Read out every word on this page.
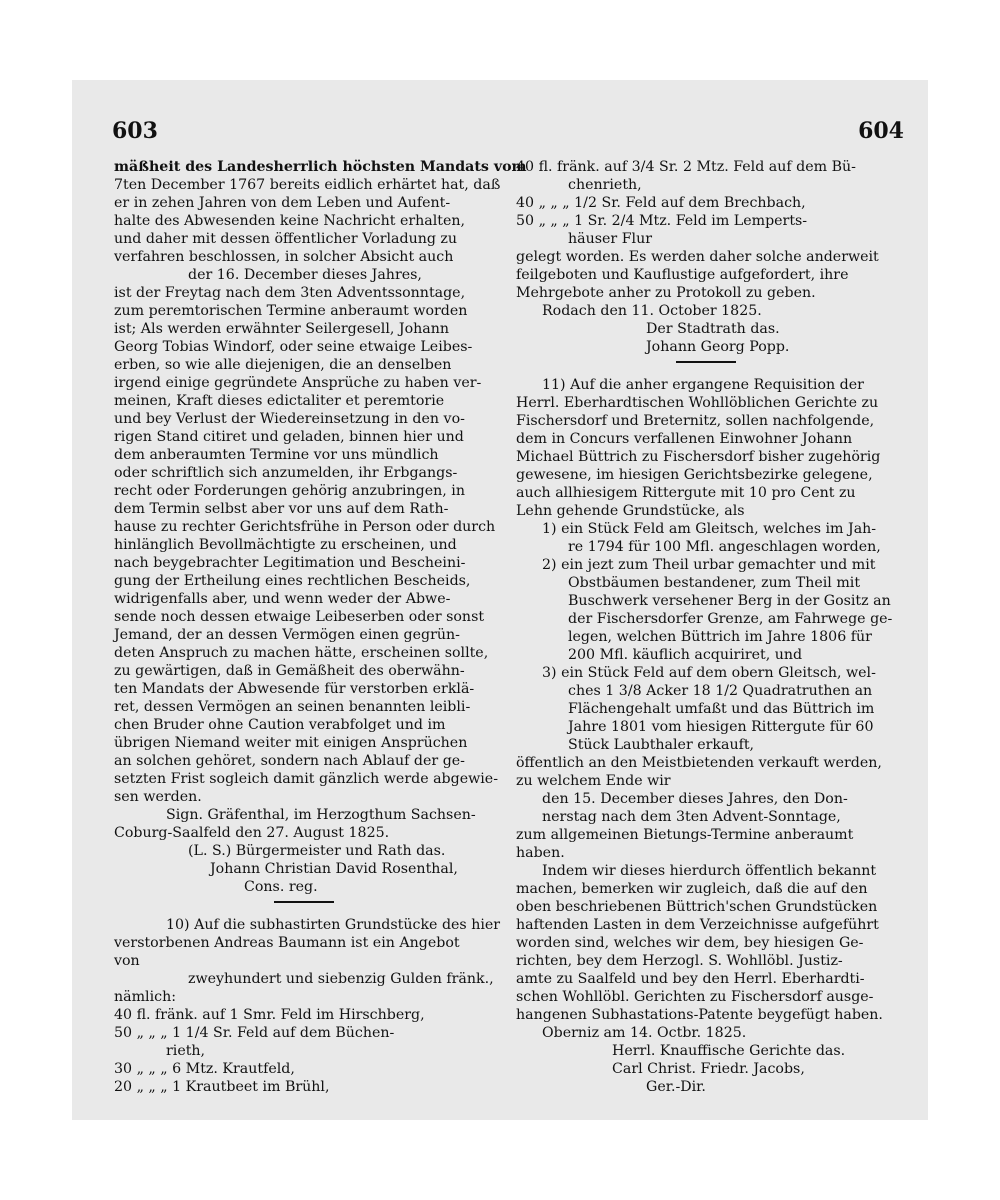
603	604
mäßheit des Landesherrlich höchsten Mandats vom
7ten December 1767 bereits eidlich erhärtet hat, daß
er in zehen Jahren von dem Leben und Aufent-
halte des Abwesenden keine Nachricht erhalten,
und daher mit dessen öffentlicher Vorladung zu
verfahren beschlossen, in solcher Absicht auch
der 16. December dieses Jahres,
ist der Freytag nach dem 3ten Adventssonntage,
zum peremtorischen Termine anberaumt worden
ist; Als werden erwähnter Seilergesell, Johann
Georg Tobias Windorf, oder seine etwaige Leibes-
erben, so wie alle diejenigen, die an denselben
irgend einige gegründete Ansprüche zu haben ver-
meinen, Kraft dieses edictaliter et peremtorie
und bey Verlust der Wiedereinsetzung in den vo-
rigen Stand citiret und geladen, binnen hier und
dem anberaumten Termine vor uns mündlich
oder schriftlich sich anzumelden, ihr Erbgangs-
recht oder Forderungen gehörig anzubringen, in
dem Termin selbst aber vor uns auf dem Rath-
hause zu rechter Gerichtsfrühe in Person oder durch
hinlänglich Bevollmächtigte zu erscheinen, und
nach beygebrachter Legitimation und Bescheini-
gung der Ertheilung eines rechtlichen Bescheids,
widrigenfalls aber, und wenn weder der Abwe-
sende noch dessen etwaige Leibeserben oder sonst
Jemand, der an dessen Vermögen einen gegrün-
deten Anspruch zu machen hätte, erscheinen sollte,
zu gewärtigen, daß in Gemäßheit des oberwähn-
ten Mandats der Abwesende für verstorben erklä-
ret, dessen Vermögen an seinen benannten leibli-
chen Bruder ohne Caution verabfolget und im
übrigen Niemand weiter mit einigen Ansprüchen
an solchen gehöret, sondern nach Ablauf der ge-
setzten Frist sogleich damit gänzlich werde abgewie-
sen werden.
Sign. Gräfenthal, im Herzogthum Sachsen-
Coburg-Saalfeld den 27. August 1825.
(L. S.) Bürgermeister und Rath das.
Johann Christian David Rosenthal,
Cons. reg.
10) Auf die subhastirten Grundstücke des hier
verstorbenen Andreas Baumann ist ein Angebot
von
zweyhundert und siebenzig Gulden fränk.,
nämlich:
40 fl. fränk. auf 1 Smr. Feld im Hirschberg,
50 „ „ „ 1 1/4 Sr. Feld auf dem Büchen-
rieth,
30 „ „ „ 6 Mtz. Krautfeld,
20 „ „ „ 1 Krautbeet im Brühl,
40 fl. fränk. auf 3/4 Sr. 2 Mtz. Feld auf dem Bü-
chenrieth,
40 „ „ „ 1/2 Sr. Feld auf dem Brechbach,
50 „ „ „ 1 Sr. 2/4 Mtz. Feld im Lemperts-
häuser Flur
gelegt worden. Es werden daher solche anderweit
feilgeboten und Kauflustige aufgefordert, ihre
Mehrgebote anher zu Protokoll zu geben.
Rodach den 11. October 1825.
Der Stadtrath das.
Johann Georg Popp.
11) Auf die anher ergangene Requisition der
Herrl. Eberhardtischen Wohllöblichen Gerichte zu
Fischersdorf und Breternitz, sollen nachfolgende,
dem in Concurs verfallenen Einwohner Johann
Michael Büttrich zu Fischersdorf bisher zugehörig
gewesene, im hiesigen Gerichtsbezirke gelegene,
auch allhiesigem Rittergute mit 10 pro Cent zu
Lehn gehende Grundstücke, als
1) ein Stück Feld am Gleitsch, welches im Jah-
re 1794 für 100 Mfl. angeschlagen worden,
2) ein jezt zum Theil urbar gemachter und mit
Obstbäumen bestandener, zum Theil mit
Buschwerk versehener Berg in der Gositz an
der Fischersdorfer Grenze, am Fahrwege ge-
legen, welchen Büttrich im Jahre 1806 für
200 Mfl. käuflich acquiriret, und
3) ein Stück Feld auf dem obern Gleitsch, wel-
ches 1 3/8 Acker 18 1/2 Quadratruthen an
Flächengehalt umfaßt und das Büttrich im
Jahre 1801 vom hiesigen Rittergute für 60
Stück Laubthaler erkauft,
öffentlich an den Meistbietenden verkauft werden,
zu welchem Ende wir
den 15. December dieses Jahres, den Don-
nerstag nach dem 3ten Advent-Sonntage,
zum allgemeinen Bietungs-Termine anberaumt
haben.
Indem wir dieses hierdurch öffentlich bekannt
machen, bemerken wir zugleich, daß die auf den
oben beschriebenen Büttrich'schen Grundstücken
haftenden Lasten in dem Verzeichnisse aufgeführt
worden sind, welches wir dem, bey hiesigen Ge-
richten, bey dem Herzogl. S. Wohllöbl. Justiz-
amte zu Saalfeld und bey den Herrl. Eberhardti-
schen Wohllöbl. Gerichten zu Fischersdorf ausge-
hangenen Subhastations-Patente beygefügt haben.
Oberniz am 14. Octbr. 1825.
Herrl. Knauffische Gerichte das.
Carl Christ. Friedr. Jacobs,
Ger.-Dir.
